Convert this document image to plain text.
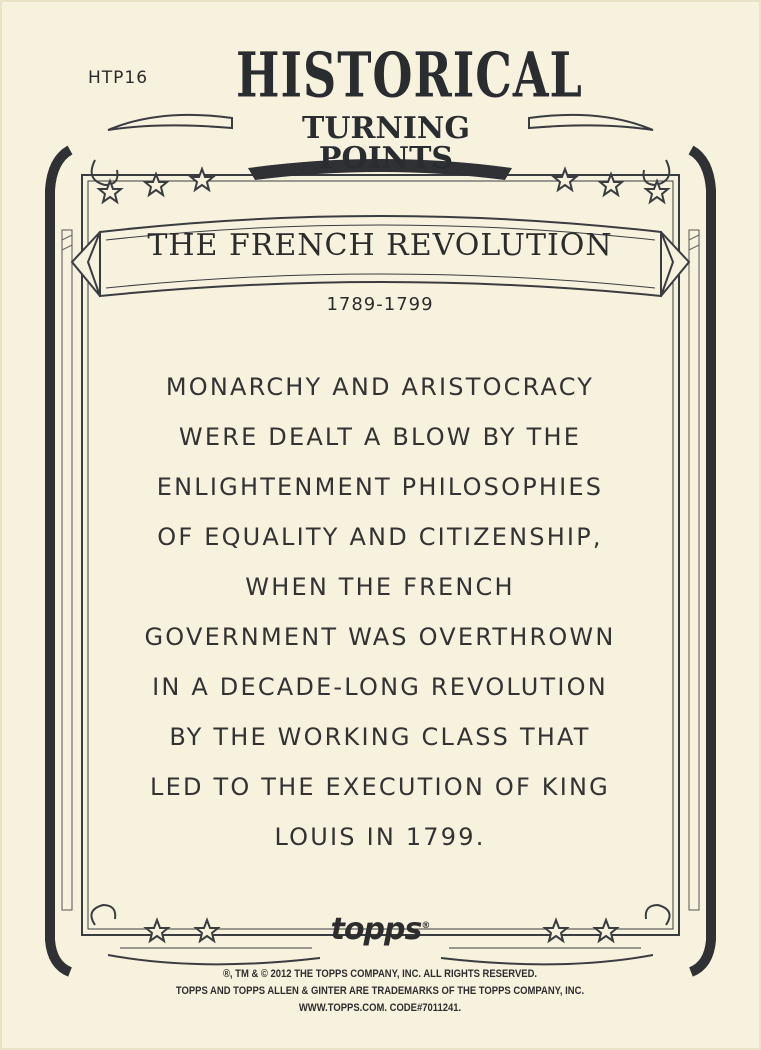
HTP16 HISTORICAL
TURNING POINTS
THE FRENCH REVOLUTION
1789-1799
MONARCHY AND ARISTOCRACY
WERE DEALT A BLOW BY THE
ENLIGHTENMENT PHILOSOPHIES
OF EQUALITY AND CITIZENSHIP,
WHEN THE FRENCH
GOVERNMENT WAS OVERTHROWN
IN A DECADE-LONG REVOLUTION
BY THE WORKING CLASS THAT
LED TO THE EXECUTION OF KING
LOUIS IN 1799.
topps®
®, TM & © 2012 THE TOPPS COMPANY, INC. ALL RIGHTS RESERVED.
TOPPS AND TOPPS ALLEN & GINTER ARE TRADEMARKS OF THE TOPPS COMPANY, INC.
WWW.TOPPS.COM. CODE#7011241.
